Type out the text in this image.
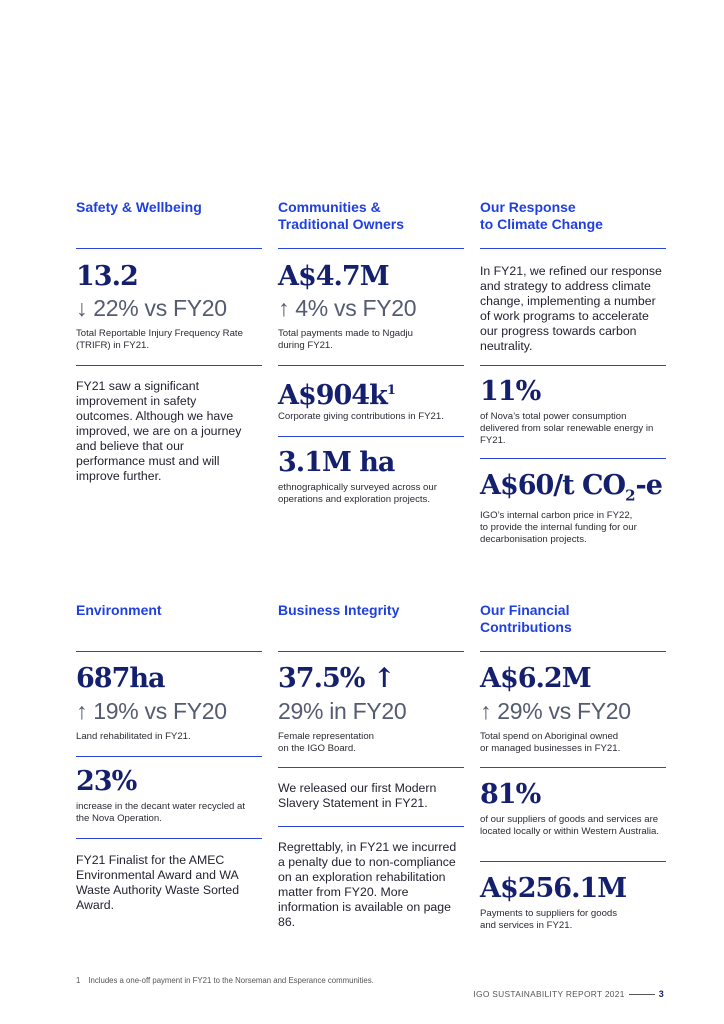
Safety & Wellbeing
13.2
↓ 22% vs FY20
Total Reportable Injury Frequency Rate (TRIFR) in FY21.
FY21 saw a significant improvement in safety outcomes. Although we have improved, we are on a journey and believe that our performance must and will improve further.
Communities &
Traditional Owners
A$4.7M
↑ 4% vs FY20
Total payments made to Ngadju
during FY21.
$A\$904k^1$
Corporate giving contributions in FY21.
3.1M ha
ethnographically surveyed across our operations and exploration projects.
Our Response
to Climate Change
In FY21, we refined our response and strategy to address climate change, implementing a number of work programs to accelerate our progress towards carbon neutrality.
11%
of Nova’s total power consumption delivered from solar renewable energy in FY21.
A$60/t $CO_2-e$
IGO’s internal carbon price in FY22,
to provide the internal funding for our decarbonisation projects.
Environment
687ha
↑ 19% vs FY20
Land rehabilitated in FY21.
23%
increase in the decant water recycled at the Nova Operation.
FY21 Finalist for the AMEC Environmental Award and WA Waste Authority Waste Sorted Award.
Business Integrity
37.5% ↑
29% in FY20
Female representation
on the IGO Board.
We released our first Modern Slavery Statement in FY21.
Regrettably, in FY21 we incurred a penalty due to non-compliance on an exploration rehabilitation matter from FY20. More information is available on page 86.
Our Financial
Contributions
A$6.2M
↑ 29% vs FY20
Total spend on Aboriginal owned
or managed businesses in FY21.
81%
of our suppliers of goods and services are located locally or within Western Australia.
A$256.1M
Payments to suppliers for goods
and services in FY21.
1 Includes a one-off payment in FY21 to the Norseman and Esperance communities.
IGO SUSTAINABILITY REPORT 2021	3
